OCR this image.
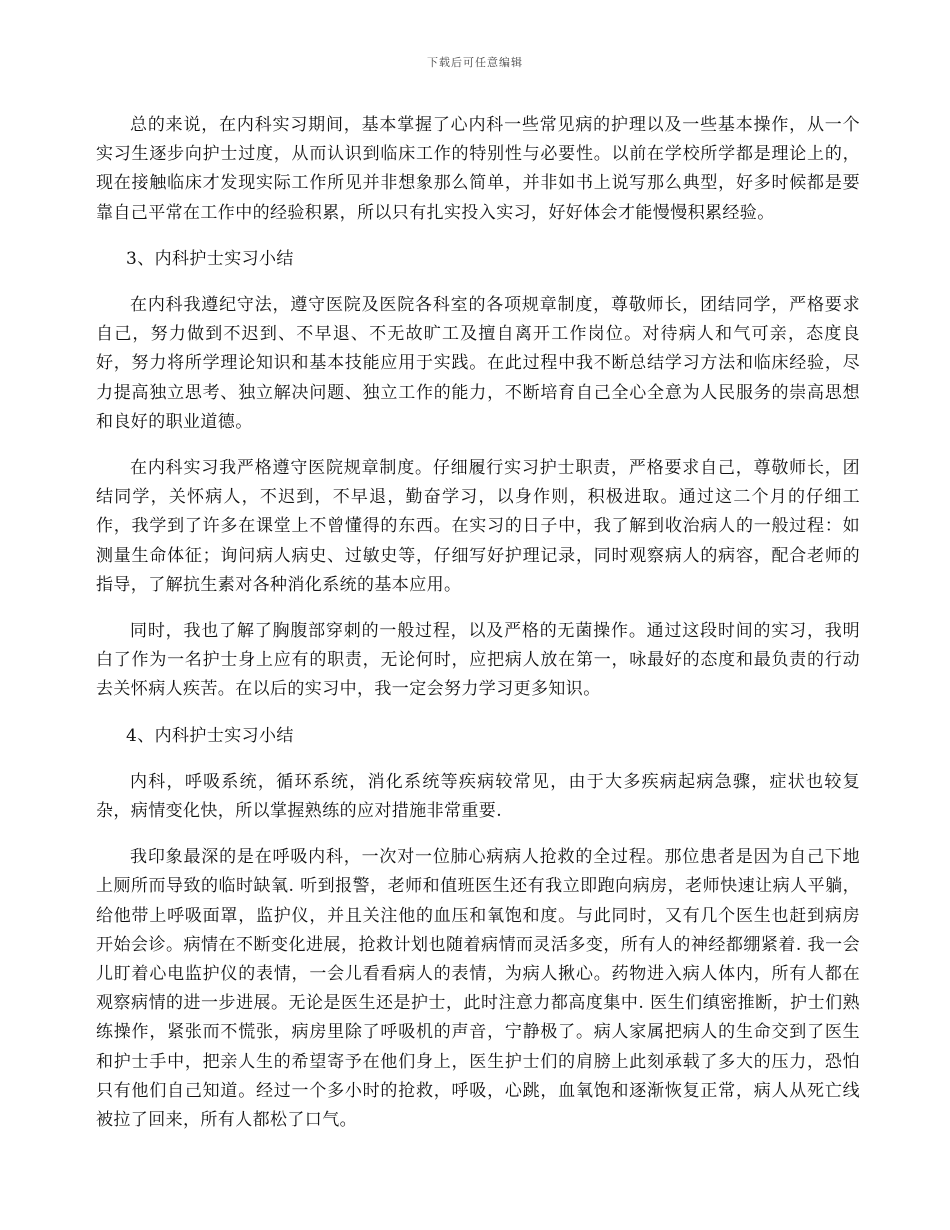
下载后可任意编辑

总的来说，在内科实习期间，基本掌握了心内科一些常见病的护理以及一些基本操作，从一个实习生逐步向护士过度，从而认识到临床工作的特别性与必要性。以前在学校所学都是理论上的，现在接触临床才发现实际工作所见并非想象那么简单，并非如书上说写那么典型，好多时候都是要靠自己平常在工作中的经验积累，所以只有扎实投入实习，好好体会才能慢慢积累经验。

3、内科护士实习小结

在内科我遵纪守法，遵守医院及医院各科室的各项规章制度，尊敬师长，团结同学，严格要求自己，努力做到不迟到、不早退、不无故旷工及擅自离开工作岗位。对待病人和气可亲，态度良好，努力将所学理论知识和基本技能应用于实践。在此过程中我不断总结学习方法和临床经验，尽力提高独立思考、独立解决问题、独立工作的能力，不断培育自己全心全意为人民服务的崇高思想和良好的职业道德。

在内科实习我严格遵守医院规章制度。仔细履行实习护士职责，严格要求自己，尊敬师长，团结同学，关怀病人，不迟到，不早退，勤奋学习，以身作则，积极进取。通过这二个月的仔细工作，我学到了许多在课堂上不曾懂得的东西。在实习的日子中，我了解到收治病人的一般过程：如测量生命体征；询问病人病史、过敏史等，仔细写好护理记录，同时观察病人的病容，配合老师的指导，了解抗生素对各种消化系统的基本应用。

同时，我也了解了胸腹部穿刺的一般过程，以及严格的无菌操作。通过这段时间的实习，我明白了作为一名护士身上应有的职责，无论何时，应把病人放在第一，咏最好的态度和最负责的行动去关怀病人疾苦。在以后的实习中，我一定会努力学习更多知识。

4、内科护士实习小结

内科，呼吸系统，循环系统，消化系统等疾病较常见，由于大多疾病起病急骤，症状也较复杂，病情变化快，所以掌握熟练的应对措施非常重要.

我印象最深的是在呼吸内科，一次对一位肺心病病人抢救的全过程。那位患者是因为自己下地上厕所而导致的临时缺氧. 听到报警，老师和值班医生还有我立即跑向病房，老师快速让病人平躺，给他带上呼吸面罩，监护仪，并且关注他的血压和氧饱和度。与此同时，又有几个医生也赶到病房开始会诊。病情在不断变化进展，抢救计划也随着病情而灵活多变，所有人的神经都绷紧着. 我一会儿盯着心电监护仪的表情，一会儿看看病人的表情，为病人揪心。药物进入病人体内，所有人都在观察病情的进一步进展。无论是医生还是护士，此时注意力都高度集中. 医生们缜密推断，护士们熟练操作，紧张而不慌张，病房里除了呼吸机的声音，宁静极了。病人家属把病人的生命交到了医生和护士手中，把亲人生的希望寄予在他们身上，医生护士们的肩膀上此刻承载了多大的压力，恐怕只有他们自己知道。经过一个多小时的抢救，呼吸，心跳，血氧饱和逐渐恢复正常，病人从死亡线被拉了回来，所有人都松了口气。
